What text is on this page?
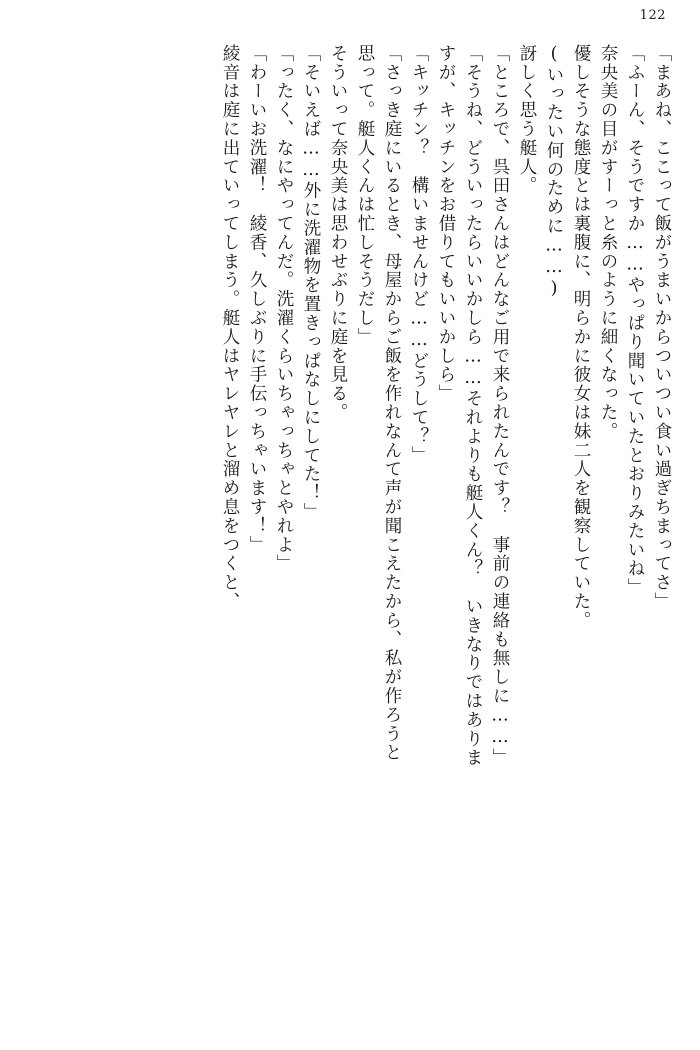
122
「まあね、ここって飯がうまいからついつい食い過ぎちまってさ」
「ふーん、そうですか……やっぱり聞いていたとおりみたいね」
奈央美の目がすーっと糸のように細くなった。
優しそうな態度とは裏腹に、明らかに彼女は妹二人を観察していた。
(いったい何のために……)
訝しく思う艇人。
「ところで、呉田さんはどんなご用で来られたんです？　事前の連絡も無しに……」
「そうね、どういったらいいかしら……それよりも艇人くん？　いきなりではありま
すが、キッチンをお借りてもいいかしら」
「キッチン？　構いませんけど……どうして？」
「さっき庭にいるとき、母屋からご飯を作れなんて声が聞こえたから、私が作ろうと
思って。艇人くんは忙しそうだし」
そういって奈央美は思わせぶりに庭を見る。
「そいえば……外に洗濯物を置きっぱなしにしてた！」
「ったく、なにやってんだ。洗濯くらいちゃっちゃとやれよ」
「わーいお洗濯！　綾香、久しぶりに手伝っちゃいます！」
綾音は庭に出ていってしまう。艇人はヤレヤレと溜め息をつくと、
